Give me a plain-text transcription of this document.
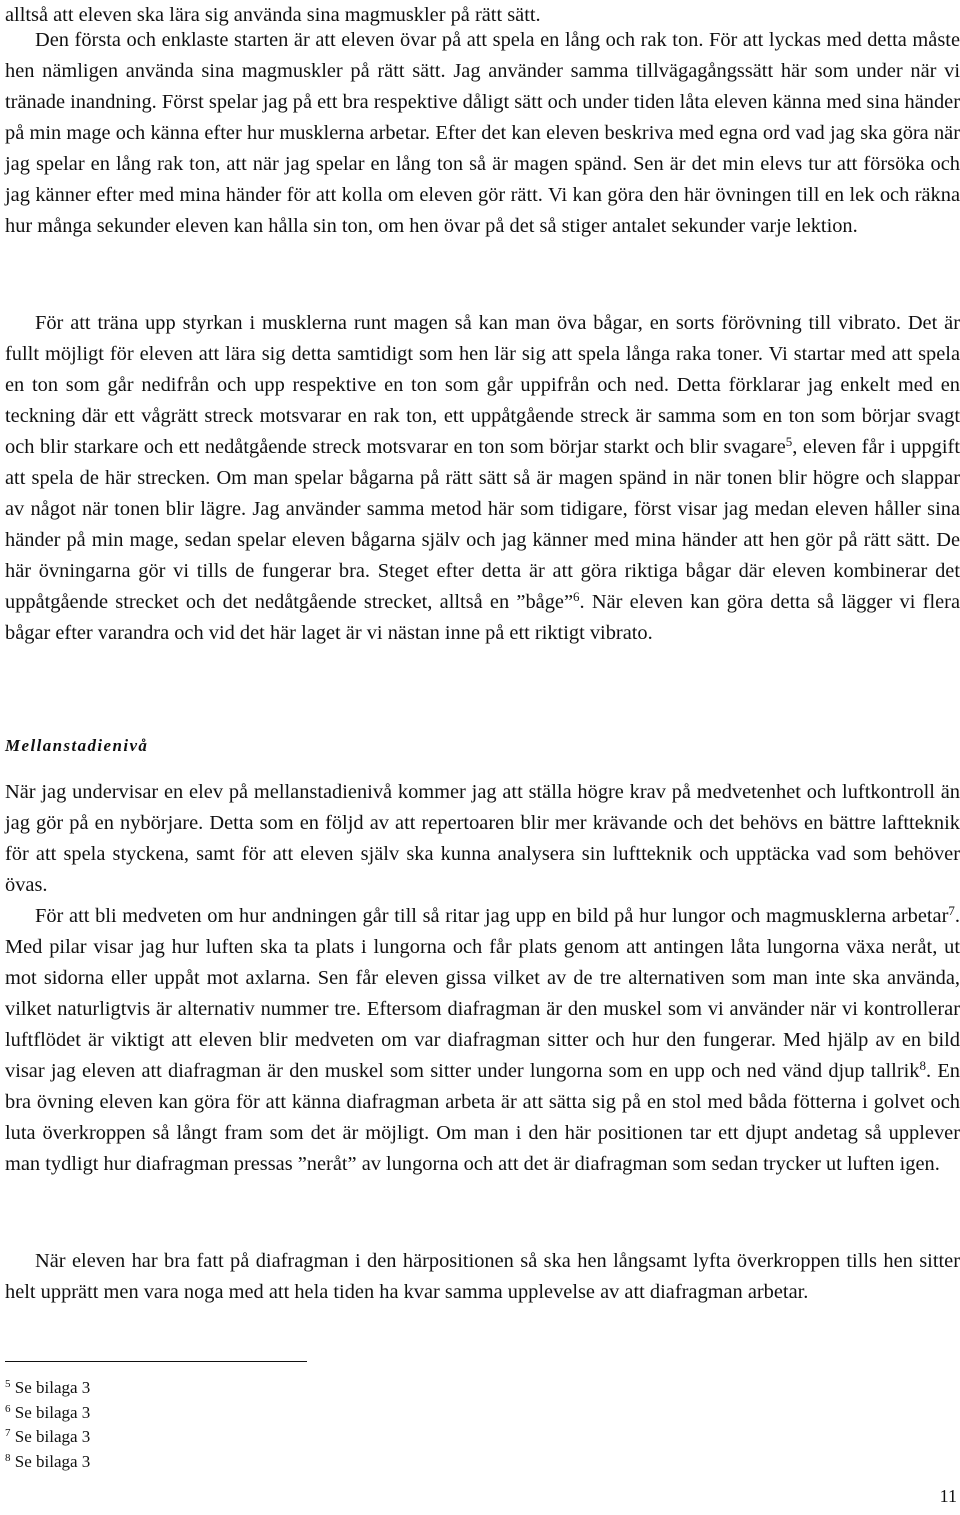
alltså att eleven ska lära sig använda sina magmuskler på rätt sätt.

Den första och enklaste starten är att eleven övar på att spela en lång och rak ton. För att lyckas med detta måste hen nämligen använda sina magmuskler på rätt sätt. Jag använder samma tillvägagångssätt här som under när vi tränade inandning. Först spelar jag på ett bra respektive dåligt sätt och under tiden låta eleven känna med sina händer på min mage och känna efter hur musklerna arbetar. Efter det kan eleven beskriva med egna ord vad jag ska göra när jag spelar en lång rak ton, att när jag spelar en lång ton så är magen spänd. Sen är det min elevs tur att försöka och jag känner efter med mina händer för att kolla om eleven gör rätt. Vi kan göra den här övningen till en lek och räkna hur många sekunder eleven kan hålla sin ton, om hen övar på det så stiger antalet sekunder varje lektion.

För att träna upp styrkan i musklerna runt magen så kan man öva bågar, en sorts förövning till vibrato. Det är fullt möjligt för eleven att lära sig detta samtidigt som hen lär sig att spela långa raka toner. Vi startar med att spela en ton som går nedifrån och upp respektive en ton som går uppifrån och ned. Detta förklarar jag enkelt med en teckning där ett vågrätt streck motsvarar en rak ton, ett uppåtgående streck är samma som en ton som börjar svagt och blir starkare och ett nedåtgående streck motsvarar en ton som börjar starkt och blir svagare$^5$, eleven får i uppgift att spela de här strecken. Om man spelar bågarna på rätt sätt så är magen spänd in när tonen blir högre och slappar av något när tonen blir lägre. Jag använder samma metod här som tidigare, först visar jag medan eleven håller sina händer på min mage, sedan spelar eleven bågarna själv och jag känner med mina händer att hen gör på rätt sätt. De här övningarna gör vi tills de fungerar bra. Steget efter detta är att göra riktiga bågar där eleven kombinerar det uppåtgående strecket och det nedåtgående strecket, alltså en ”båge”$^6$. När eleven kan göra detta så lägger vi flera bågar efter varandra och vid det här laget är vi nästan inne på ett riktigt vibrato.

Mellanstadienivå

När jag undervisar en elev på mellanstadienivå kommer jag att ställa högre krav på medvetenhet och luftkontroll än jag gör på en nybörjare. Detta som en följd av att repertoaren blir mer krävande och det behövs en bättre laftteknik för att spela styckena, samt för att eleven själv ska kunna analysera sin luftteknik och upptäcka vad som behöver övas.

För att bli medveten om hur andningen går till så ritar jag upp en bild på hur lungor och magmusklerna arbetar$^7$. Med pilar visar jag hur luften ska ta plats i lungorna och får plats genom att antingen låta lungorna växa neråt, ut mot sidorna eller uppåt mot axlarna. Sen får eleven gissa vilket av de tre alternativen som man inte ska använda, vilket naturligtvis är alternativ nummer tre. Eftersom diafragman är den muskel som vi använder när vi kontrollerar luftflödet är viktigt att eleven blir medveten om var diafragman sitter och hur den fungerar. Med hjälp av en bild visar jag eleven att diafragman är den muskel som sitter under lungorna som en upp och ned vänd djup tallrik$^8$. En bra övning eleven kan göra för att känna diafragman arbeta är att sätta sig på en stol med båda fötterna i golvet och luta överkroppen så långt fram som det är möjligt. Om man i den här positionen tar ett djupt andetag så upplever man tydligt hur diafragman pressas ”neråt” av lungorna och att det är diafragman som sedan trycker ut luften igen.

När eleven har bra fatt på diafragman i den härpositionen så ska hen långsamt lyfta överkroppen tills hen sitter helt upprätt men vara noga med att hela tiden ha kvar samma upplevelse av att diafragman arbetar.

$^5$ Se bilaga 3
$^6$ Se bilaga 3
$^7$ Se bilaga 3
$^8$ Se bilaga 3
11
